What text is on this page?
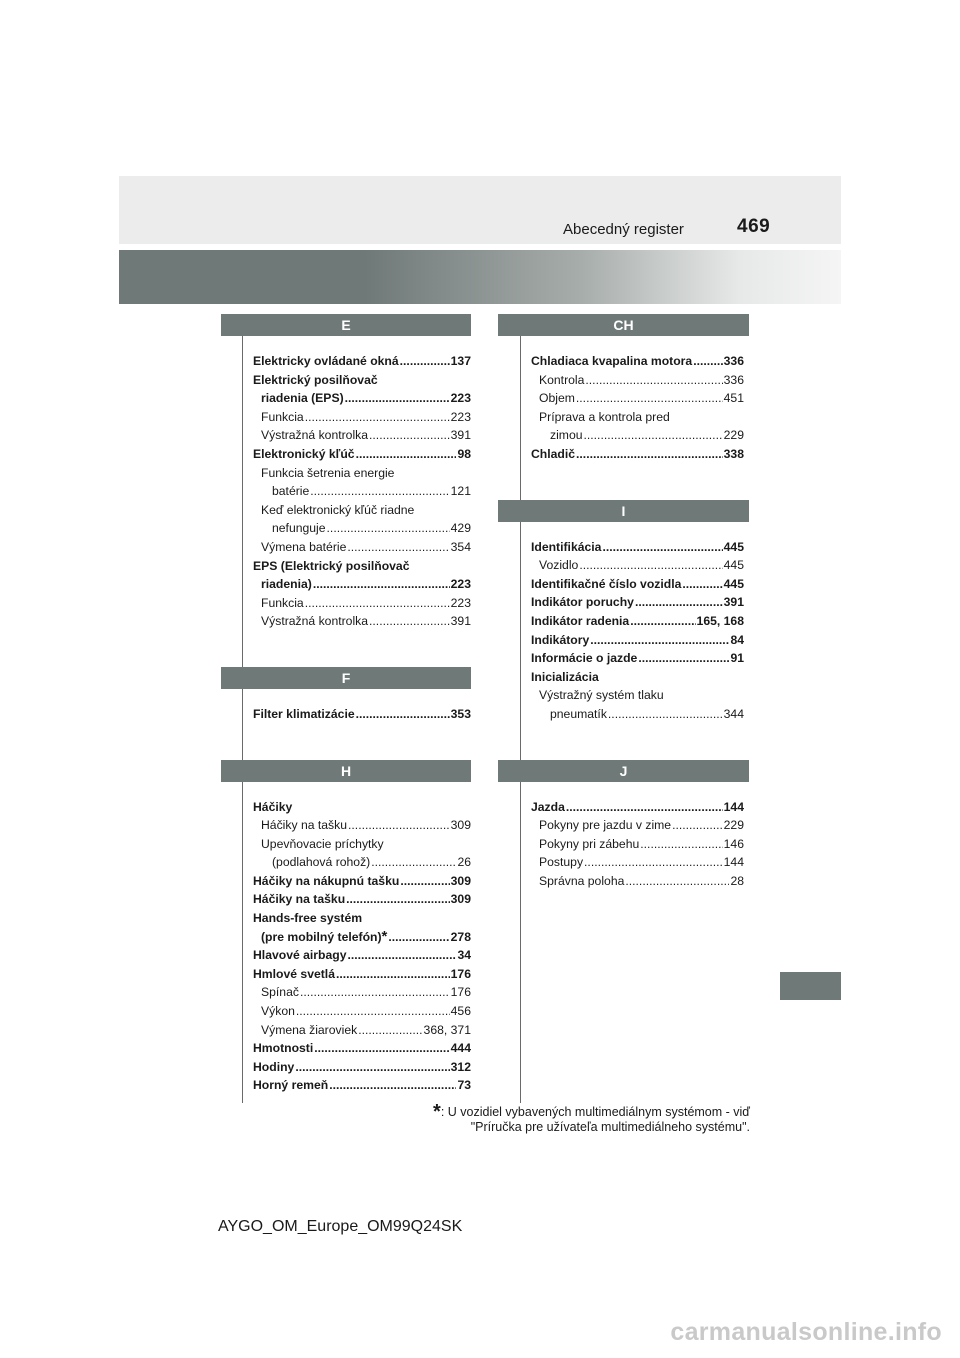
Abecedný register	469
E
Elektricky ovládané okná .....	137
Elektrický posilňovač
riadenia (EPS) .....	223
Funkcia .....	223
Výstražná kontrolka .....	391
Elektronický kľúč .....	98
Funkcia šetrenia energie
batérie .....	121
Keď elektronický kľúč riadne
nefunguje .....	429
Výmena batérie .....	354
EPS (Elektrický posilňovač
riadenia) .....	223
Funkcia .....	223
Výstražná kontrolka .....	391
F
Filter klimatizácie .....	353
H
Háčiky
Háčiky na tašku .....	309
Upevňovacie príchytky
(podlahová rohož) .....	26
Háčiky na nákupnú tašku .....	309
Háčiky na tašku .....	309
Hands-free systém
(pre mobilný telefón) * .....	278
Hlavové airbagy .....	34
Hmlové svetlá .....	176
Spínač .....	176
Výkon .....	456
Výmena žiaroviek .....	368, 371
Hmotnosti .....	444
Hodiny .....	312
Horný remeň .....	73
CH
Chladiaca kvapalina motora .....	336
Kontrola .....	336
Objem .....	451
Príprava a kontrola pred
zimou .....	229
Chladič .....	338
I
Identifikácia .....	445
Vozidlo .....	445
Identifikačné číslo vozidla .....	445
Indikátor poruchy .....	391
Indikátor radenia .....	165, 168
Indikátory .....	84
Informácie o jazde .....	91
Inicializácia
Výstražný systém tlaku
pneumatík .....	344
J
Jazda .....	144
Pokyny pre jazdu v zime .....	229
Pokyny pri zábehu .....	146
Postupy .....	144
Správna poloha .....	28
*: U vozidiel vybavených multimediálnym systémom - viď
"Príručka pre užívateľa multimediálneho systému".
AYGO_OM_Europe_OM99Q24SK
carmanualsonline.info
